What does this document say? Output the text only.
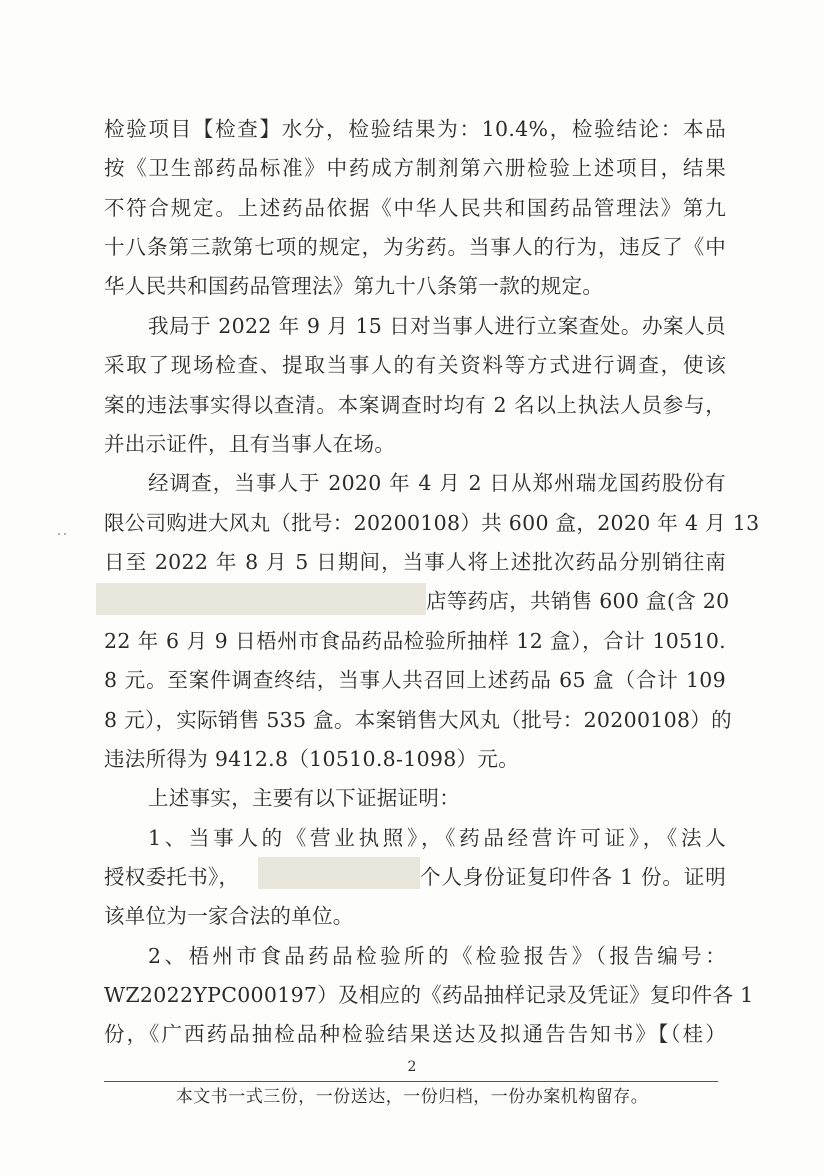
检验项目【检查】水分，检验结果为：10.4%，检验结论：本品
按《卫生部药品标准》中药成方制剂第六册检验上述项目，结果
不符合规定。上述药品依据《中华人民共和国药品管理法》第九
十八条第三款第七项的规定，为劣药。当事人的行为，违反了《中
华人民共和国药品管理法》第九十八条第一款的规定。
我局于 2022 年 9 月 15 日对当事人进行立案查处。办案人员
采取了现场检查、提取当事人的有关资料等方式进行调查，使该
案的违法事实得以查清。本案调查时均有 2 名以上执法人员参与，
并出示证件，且有当事人在场。
经调查，当事人于 2020 年 4 月 2 日从郑州瑞龙国药股份有
限公司购进大风丸（批号：20200108）共 600 盒，2020 年 4 月 13
日至 2022 年 8 月 5 日期间，当事人将上述批次药品分别销往南
店等药店，共销售 600 盒(含 20
22 年 6 月 9 日梧州市食品药品检验所抽样 12 盒），合计 10510.
8 元。至案件调查终结，当事人共召回上述药品 65 盒（合计 109
8 元），实际销售 535 盒。本案销售大风丸（批号：20200108）的
违法所得为 9412.8（10510.8-1098）元。
上述事实，主要有以下证据证明：
1、当事人的《营业执照》，《药品经营许可证》，《法人
授权委托书》，	个人身份证复印件各 1 份。证明
该单位为一家合法的单位。
2、梧州市食品药品检验所的《检验报告》（报告编号：
WZ2022YPC000197）及相应的《药品抽样记录及凭证》复印件各 1
份，《广西药品抽检品种检验结果送达及拟通告告知书》【（桂）
2
本文书一式三份，一份送达，一份归档，一份办案机构留存。
